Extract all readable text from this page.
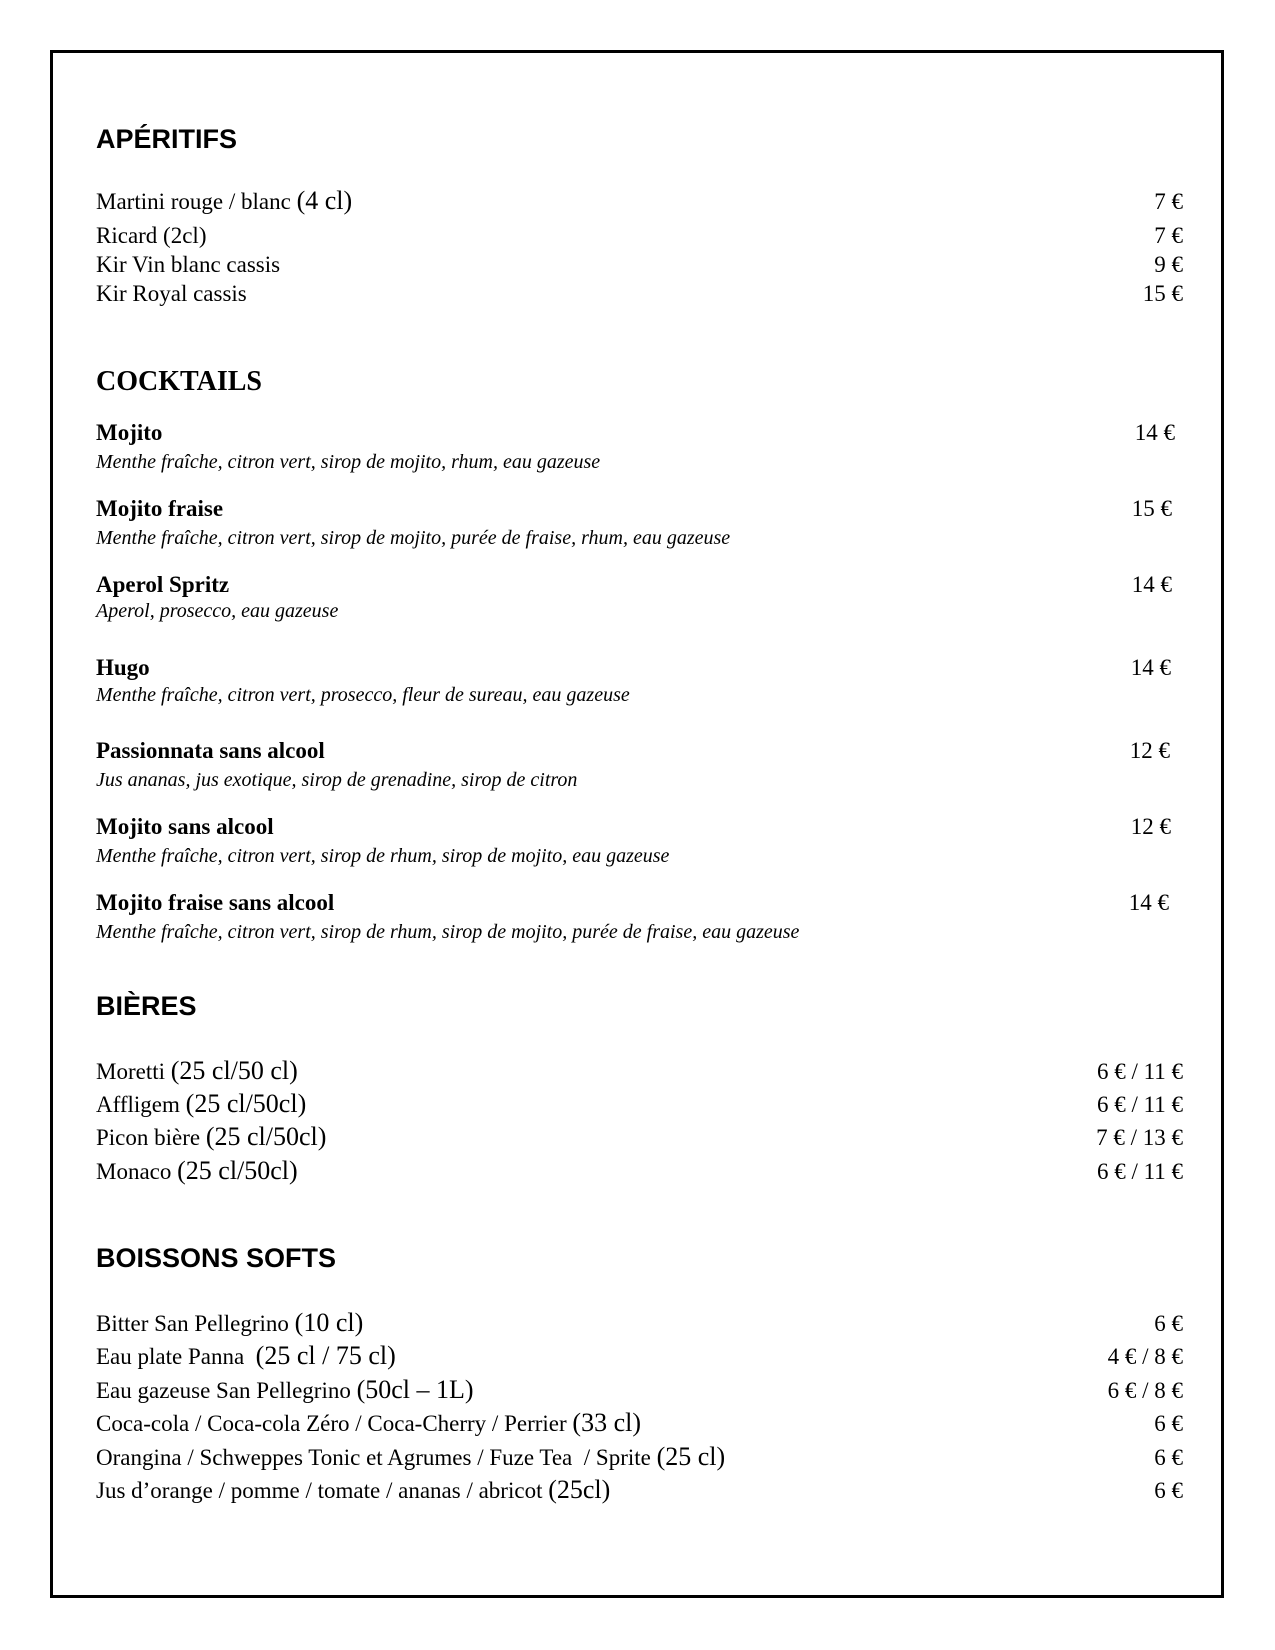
APÉRITIFS
Martini rouge / blanc (4 cl)	7 €
Ricard (2cl)	7 €
Kir Vin blanc cassis	9 €
Kir Royal cassis	15 €
COCKTAILS
Mojito	14 €
Menthe fraîche, citron vert, sirop de mojito, rhum, eau gazeuse
Mojito fraise	15 €
Menthe fraîche, citron vert, sirop de mojito, purée de fraise, rhum, eau gazeuse
Aperol Spritz	14 €
Aperol, prosecco, eau gazeuse
Hugo	14 €
Menthe fraîche, citron vert, prosecco, fleur de sureau, eau gazeuse
Passionnata sans alcool	12 €
Jus ananas, jus exotique, sirop de grenadine, sirop de citron
Mojito sans alcool	12 €
Menthe fraîche, citron vert, sirop de rhum, sirop de mojito, eau gazeuse
Mojito fraise sans alcool	14 €
Menthe fraîche, citron vert, sirop de rhum, sirop de mojito, purée de fraise, eau gazeuse
BIÈRES
Moretti (25 cl/50 cl)	6 € / 11 €
Affligem (25 cl/50cl)	6 € / 11 €
Picon bière (25 cl/50cl)	7 € / 13 €
Monaco (25 cl/50cl)	6 € / 11 €
BOISSONS SOFTS
Bitter San Pellegrino (10 cl)	6 €
Eau plate Panna  (25 cl / 75 cl)	4 € / 8 €
Eau gazeuse San Pellegrino (50cl – 1L)	6 € / 8 €
Coca-cola / Coca-cola Zéro / Coca-Cherry / Perrier (33 cl)	6 €
Orangina / Schweppes Tonic et Agrumes / Fuze Tea  / Sprite (25 cl)	6 €
Jus d’orange / pomme / tomate / ananas / abricot (25cl)	6 €
